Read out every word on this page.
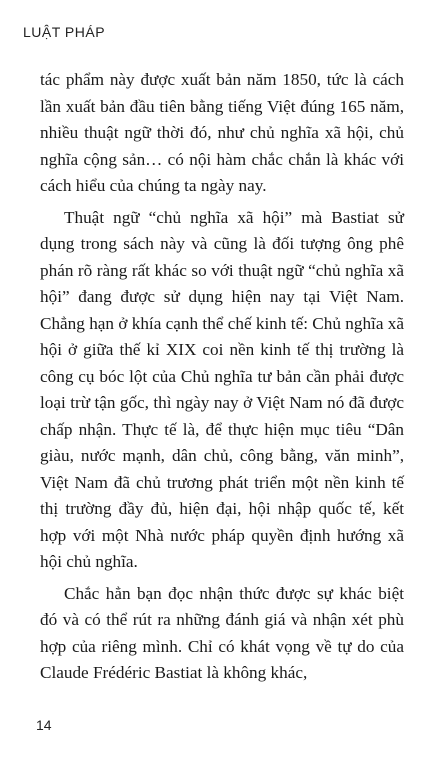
LUẬT PHÁP

tác phẩm này được xuất bản năm 1850, tức là cách lần xuất bản đầu tiên bằng tiếng Việt đúng 165 năm, nhiều thuật ngữ thời đó, như chủ nghĩa xã hội, chủ nghĩa cộng sản… có nội hàm chắc chắn là khác với cách hiểu của chúng ta ngày nay.

Thuật ngữ “chủ nghĩa xã hội” mà Bastiat sử dụng trong sách này và cũng là đối tượng ông phê phán rõ ràng rất khác so với thuật ngữ “chủ nghĩa xã hội” đang được sử dụng hiện nay tại Việt Nam. Chẳng hạn ở khía cạnh thể chế kinh tế: Chủ nghĩa xã hội ở giữa thế kỉ XIX coi nền kinh tế thị trường là công cụ bóc lột của Chủ nghĩa tư bản cần phải được loại trừ tận gốc, thì ngày nay ở Việt Nam nó đã được chấp nhận. Thực tế là, để thực hiện mục tiêu “Dân giàu, nước mạnh, dân chủ, công bằng, văn minh”, Việt Nam đã chủ trương phát triển một nền kinh tế thị trường đầy đủ, hiện đại, hội nhập quốc tế, kết hợp với một Nhà nước pháp quyền định hướng xã hội chủ nghĩa.

Chắc hẳn bạn đọc nhận thức được sự khác biệt đó và có thể rút ra những đánh giá và nhận xét phù hợp của riêng mình. Chỉ có khát vọng về tự do của Claude Frédéric Bastiat là không khác,

14
